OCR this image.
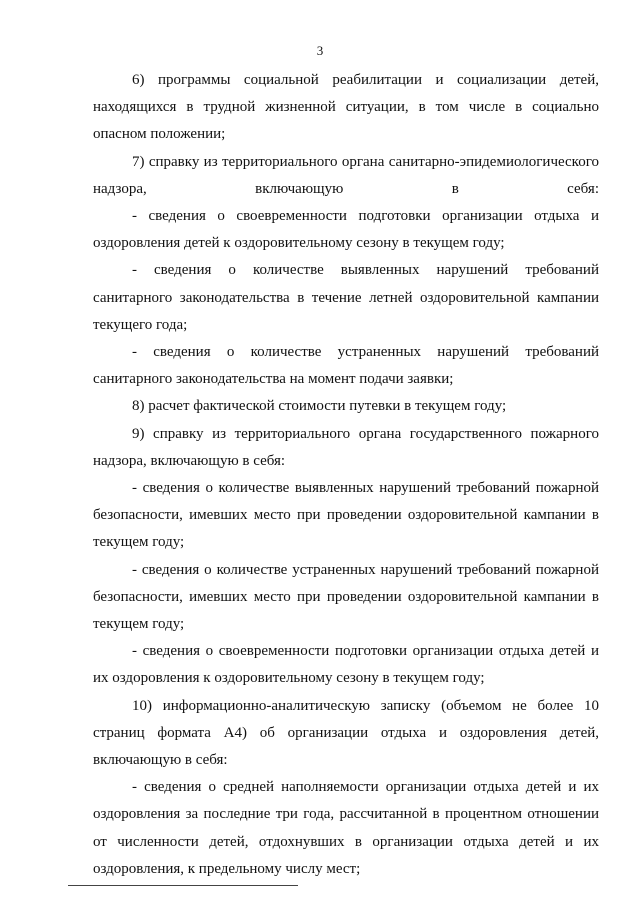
3

6) программы социальной реабилитации и социализации детей, находящихся в трудной жизненной ситуации, в том числе в социально опасном положении;

7) справку из территориального органа санитарно-эпидемиологического надзора, включающую в себя:

- сведения о своевременности подготовки организации отдыха и оздоровления детей к оздоровительному сезону в текущем году;

- сведения о количестве выявленных нарушений требований санитарного законодательства в течение летней оздоровительной кампании текущего года;

- сведения о количестве устраненных нарушений требований санитарного законодательства на момент подачи заявки;

8) расчет фактической стоимости путевки в текущем году;

9) справку из территориального органа государственного пожарного надзора, включающую в себя:

- сведения о количестве выявленных нарушений требований пожарной безопасности, имевших место при проведении оздоровительной кампании в текущем году;

- сведения о количестве устраненных нарушений требований пожарной безопасности, имевших место при проведении оздоровительной кампании в текущем году;

- сведения о своевременности подготовки организации отдыха детей и их оздоровления к оздоровительному сезону в текущем году;

10) информационно-аналитическую записку (объемом не более 10 страниц формата А4) об организации отдыха и оздоровления детей, включающую в себя:

- сведения о средней наполняемости организации отдыха детей и их оздоровления за последние три года, рассчитанной в процентном отношении от численности детей, отдохнувших в организации отдыха детей и их оздоровления, к предельному числу мест;
